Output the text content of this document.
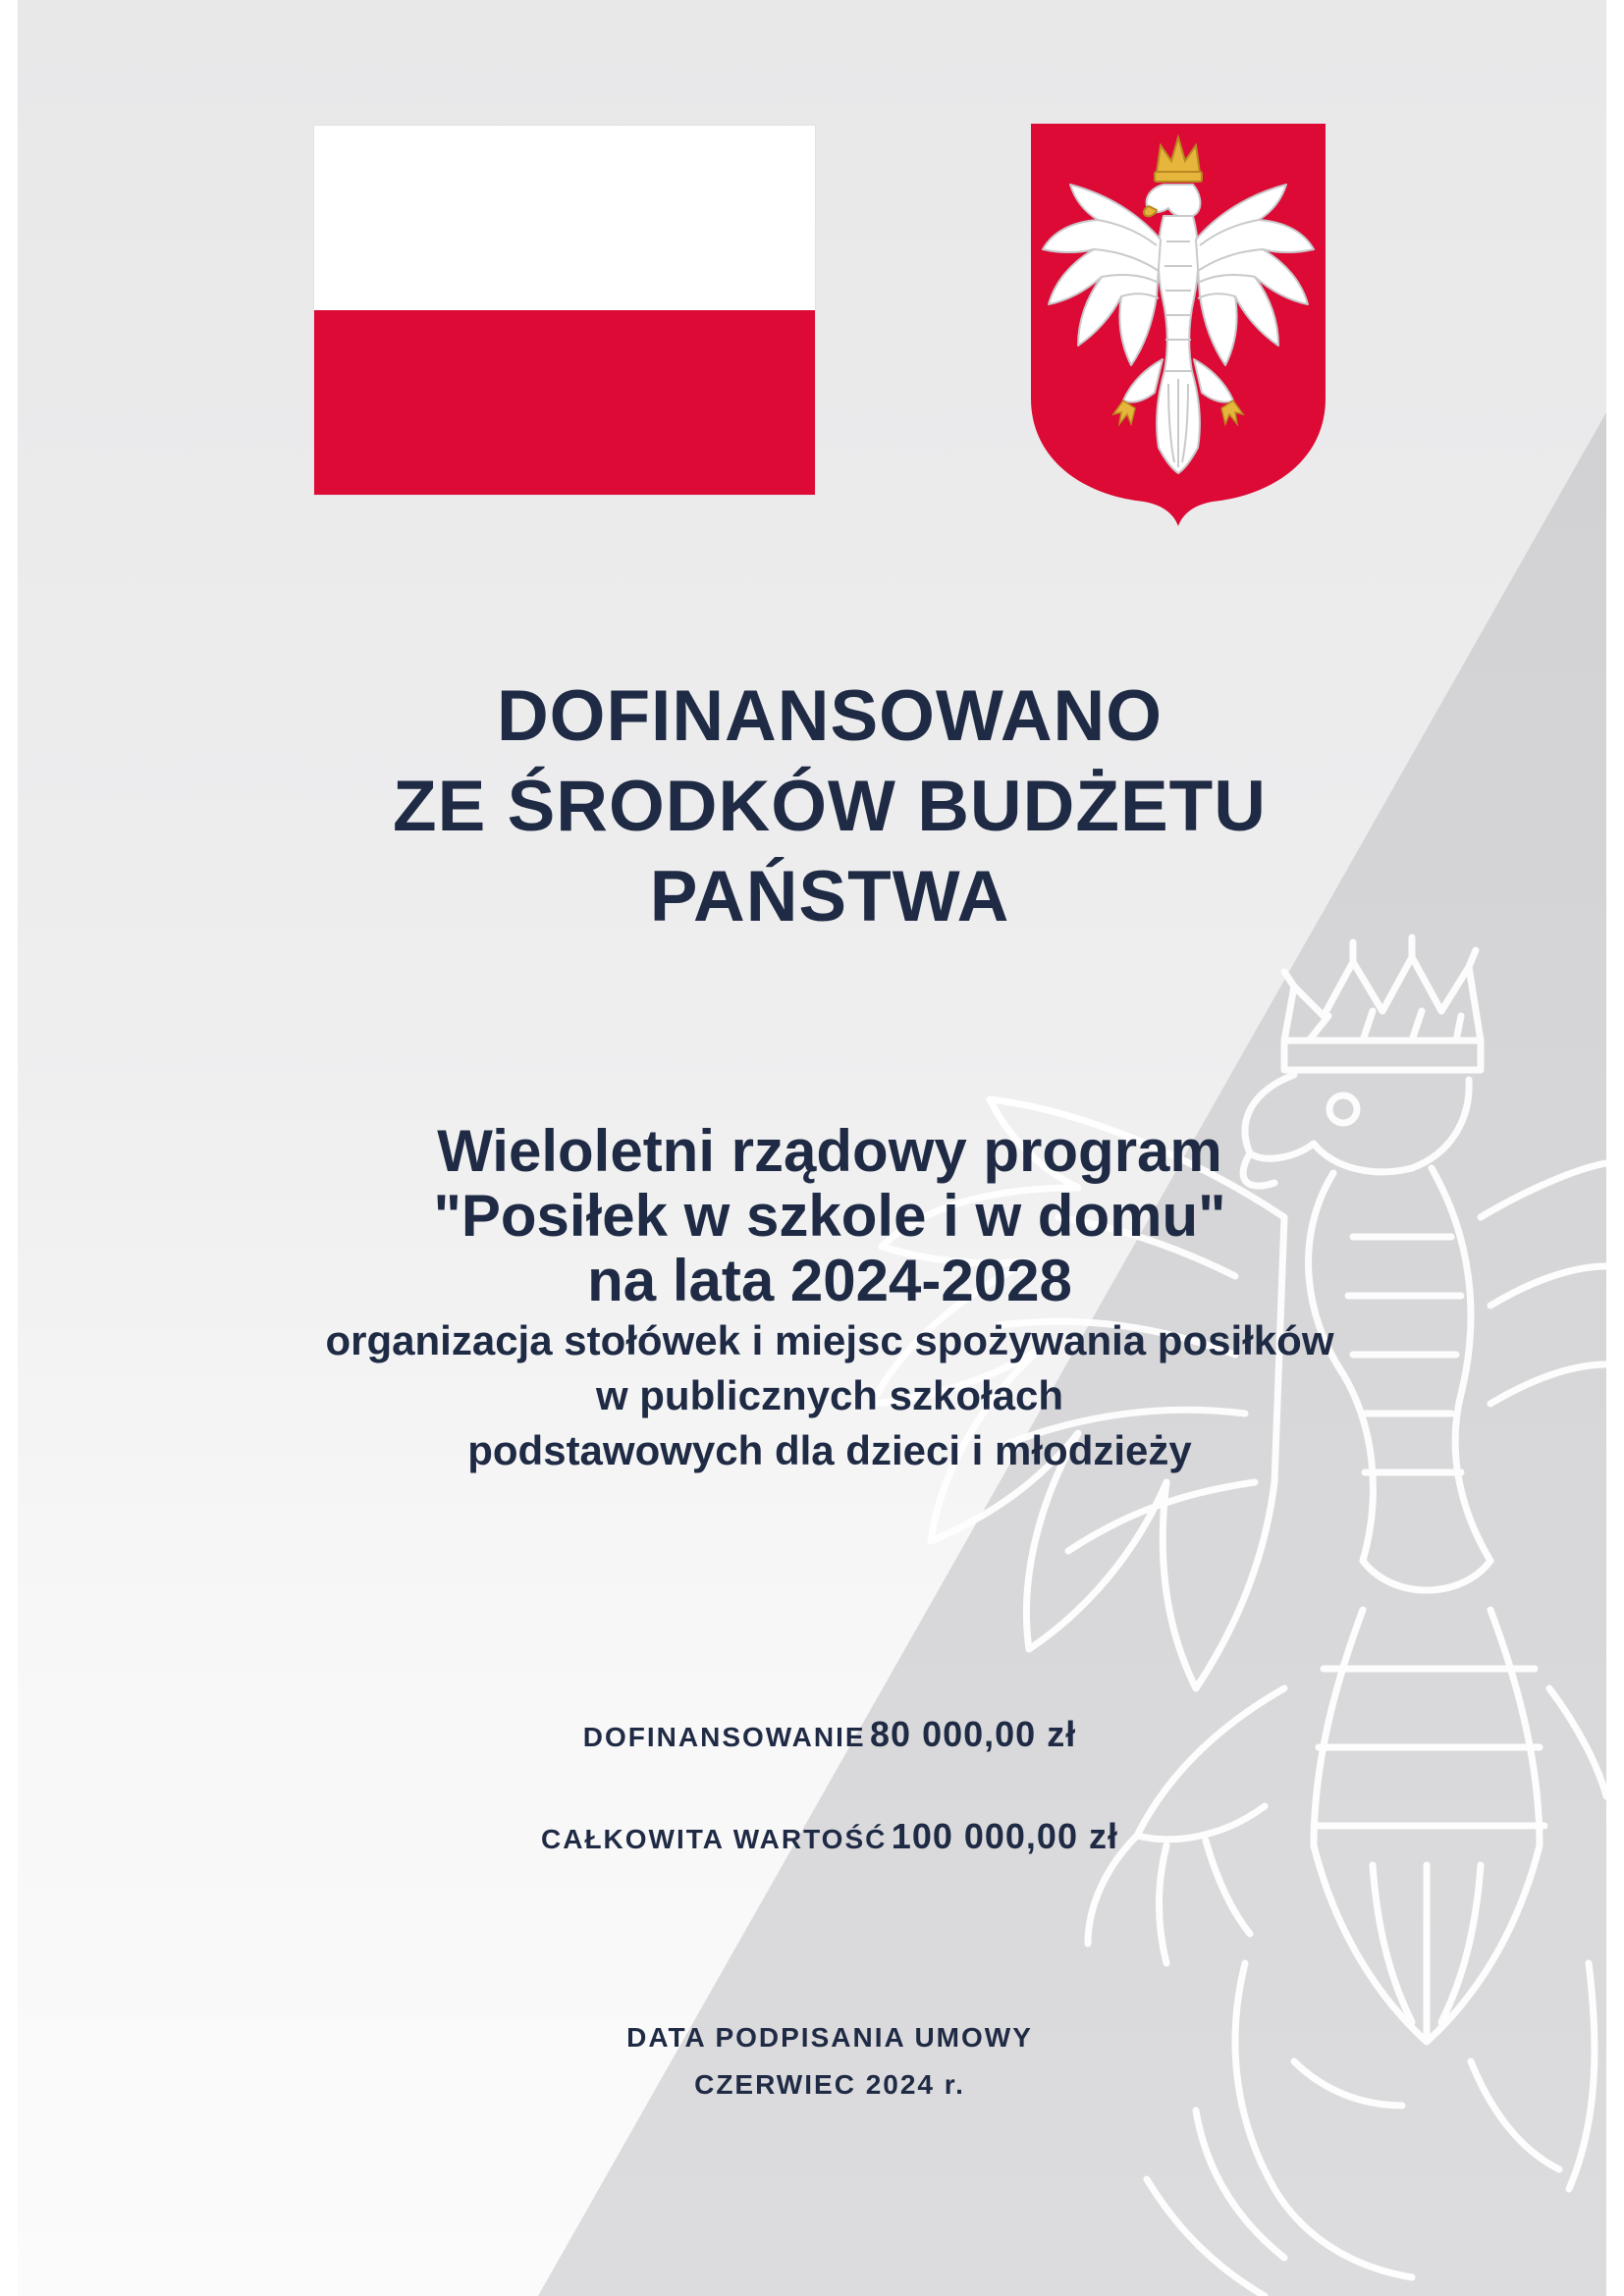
DOFINANSOWANO
ZE ŚRODKÓW BUDŻETU
PAŃSTWA
Wieloletni rządowy program
"Posiłek w szkole i w domu"
na lata 2024-2028
organizacja stołówek i miejsc spożywania posiłków
w publicznych szkołach
podstawowych dla dzieci i młodzieży
DOFINANSOWANIE 80 000,00 zł
CAŁKOWITA WARTOŚĆ 100 000,00 zł
DATA PODPISANIA UMOWY
CZERWIEC 2024 r.
